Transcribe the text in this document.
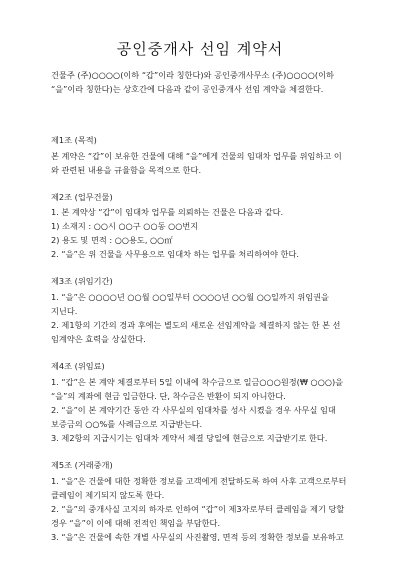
공인중개사 선임 계약서
건물주 (주)○○○○(이하 “갑”이라 칭한다)와 공인중개사무소 (주)○○○○(이하
“을”이라 칭한다)는 상호간에 다음과 같이 공인중개사 선임 계약을 체결한다.
제1조 (목적)
본 계약은 “갑”이 보유한 건물에 대해 “을”에게 건물의 임대차 업무를 위임하고 이
와 관련된 내용을 규율함을 목적으로 한다.
제2조 (업무건물)
1. 본 계약상 “갑”이 임대차 업무를 의뢰하는 건물은 다음과 같다.
1) 소재지 : ○○시 ○○구 ○○동 ○○번지
2) 용도 및 면적 : ○○용도, ○○㎡
2. “을”은 위 건물을 사무용으로 임대차 하는 업무를 처리하여야 한다.
제3조 (위임기간)
1. “을”은 ○○○○년 ○○월 ○○일부터 ○○○○년 ○○월 ○○일까지 위임권을
지닌다.
2. 제1항의 기간의 경과 후에는 별도의 새로운 선임계약을 체결하지 않는 한 본 선
임계약은 효력을 상실한다.
제4조 (위임료)
1. “갑”은 본 계약 체결로부터 5일 이내에 착수금으로 일금○○○원정(₩ ○○○)을
“을”의 계좌에 현금 입금한다. 단, 착수금은 반환이 되지 아니한다.
2. “을”이 본 계약기간 동안 각 사무실의 임대차를 성사 시켰을 경우 사무실 임대
보증금의 ○○%를 사례금으로 지급받는다.
3. 제2항의 지급시기는 임대차 계약서 체결 당일에 현금으로 지급받기로 한다.
제5조 (거래중개)
1. “을”은 건물에 대한 정확한 정보를 고객에게 전달하도록 하여 사후 고객으로부터
클레임이 제기되지 않도록 한다.
2. “을”의 중개사실 고지의 하자로 인하여 “갑”이 제3자로부터 클레임을 제기 당할
경우 “을”이 이에 대해 전적인 책임을 부담한다.
3. “을”은 건물에 속한 개별 사무실의 사진촬영, 면적 등의 정확한 정보를 보유하고
